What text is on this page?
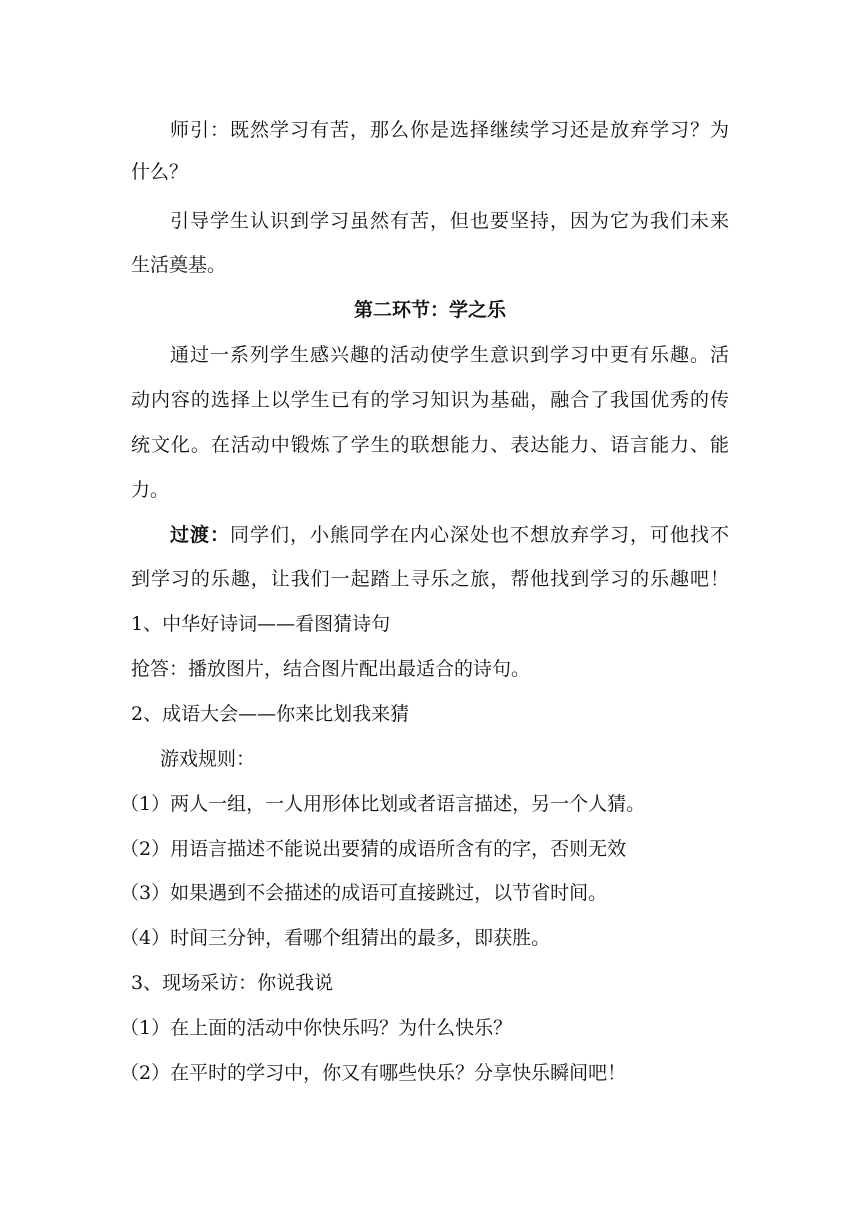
师引：既然学习有苦，那么你是选择继续学习还是放弃学习？为
什么？
引导学生认识到学习虽然有苦，但也要坚持，因为它为我们未来
生活奠基。
第二环节：学之乐
通过一系列学生感兴趣的活动使学生意识到学习中更有乐趣。活
动内容的选择上以学生已有的学习知识为基础，融合了我国优秀的传
统文化。在活动中锻炼了学生的联想能力、表达能力、语言能力、能
力。
过渡：同学们，小熊同学在内心深处也不想放弃学习，可他找不
到学习的乐趣，让我们一起踏上寻乐之旅，帮他找到学习的乐趣吧！
1、中华好诗词——看图猜诗句
抢答：播放图片，结合图片配出最适合的诗句。
2、成语大会——你来比划我来猜
游戏规则：
（1）两人一组，一人用形体比划或者语言描述，另一个人猜。
（2）用语言描述不能说出要猜的成语所含有的字，否则无效
（3）如果遇到不会描述的成语可直接跳过，以节省时间。
（4）时间三分钟，看哪个组猜出的最多，即获胜。
3、现场采访：你说我说
（1）在上面的活动中你快乐吗？为什么快乐？
（2）在平时的学习中，你又有哪些快乐？分享快乐瞬间吧！
